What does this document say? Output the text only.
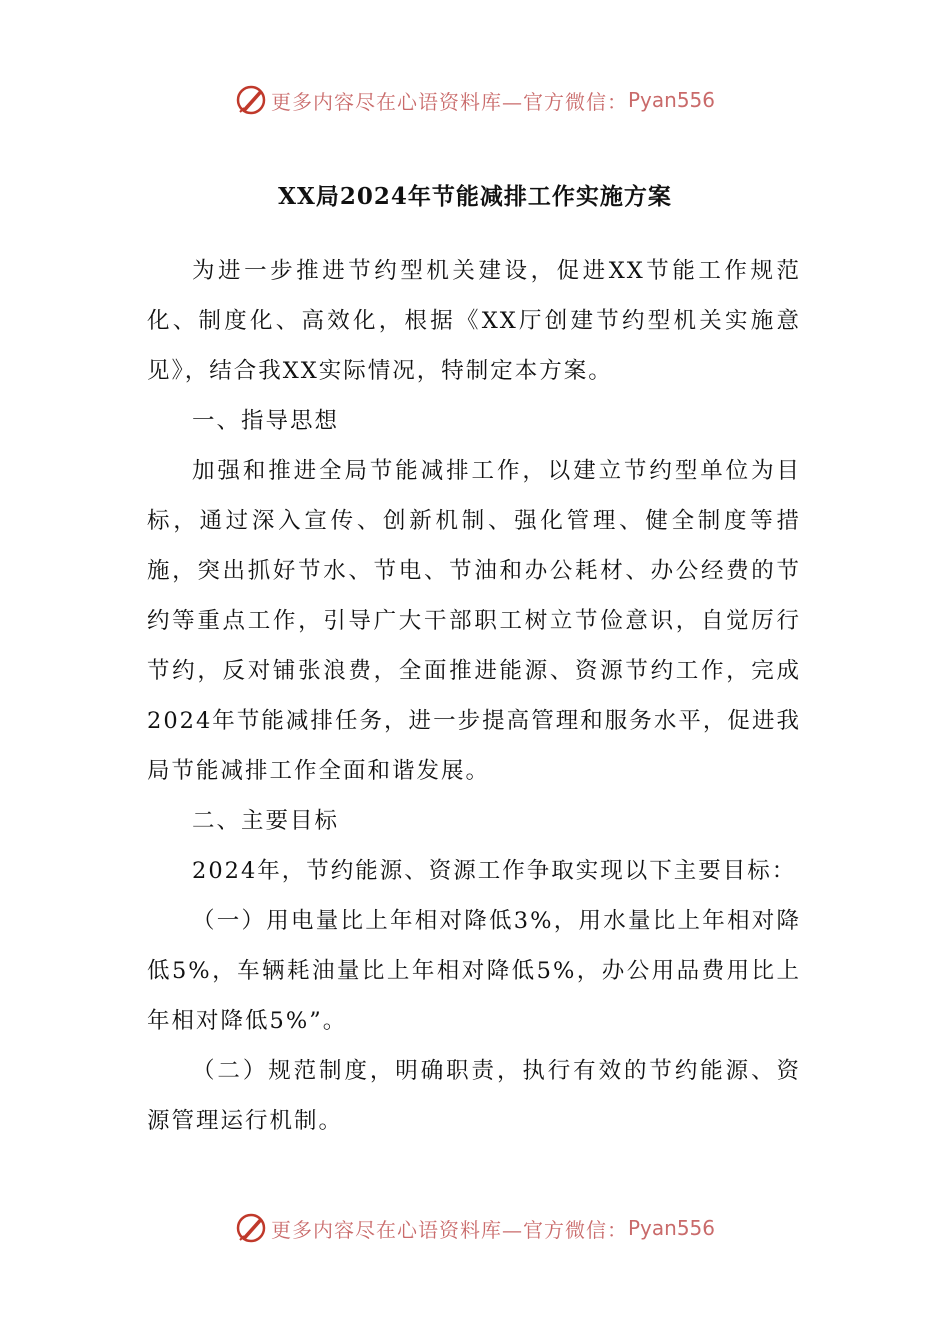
更多内容尽在心语资料库—官方微信： Pyan556
XX局2024年节能减排工作实施方案

为进一步推进节约型机关建设，促进XX节能工作规范化、制度化、高效化，根据《XX厅创建节约型机关实施意见》，结合我XX实际情况，特制定本方案。

一、指导思想

加强和推进全局节能减排工作，以建立节约型单位为目标，通过深入宣传、创新机制、强化管理、健全制度等措施，突出抓好节水、节电、节油和办公耗材、办公经费的节约等重点工作，引导广大干部职工树立节俭意识，自觉厉行节约，反对铺张浪费，全面推进能源、资源节约工作，完成2024年节能减排任务，进一步提高管理和服务水平，促进我局节能减排工作全面和谐发展。

二、主要目标

2024年，节约能源、资源工作争取实现以下主要目标：

（一）用电量比上年相对降低3%，用水量比上年相对降低5%，车辆耗油量比上年相对降低5%，办公用品费用比上年相对降低5%”。

（二）规范制度，明确职责，执行有效的节约能源、资源管理运行机制。

更多内容尽在心语资料库—官方微信： Pyan556
